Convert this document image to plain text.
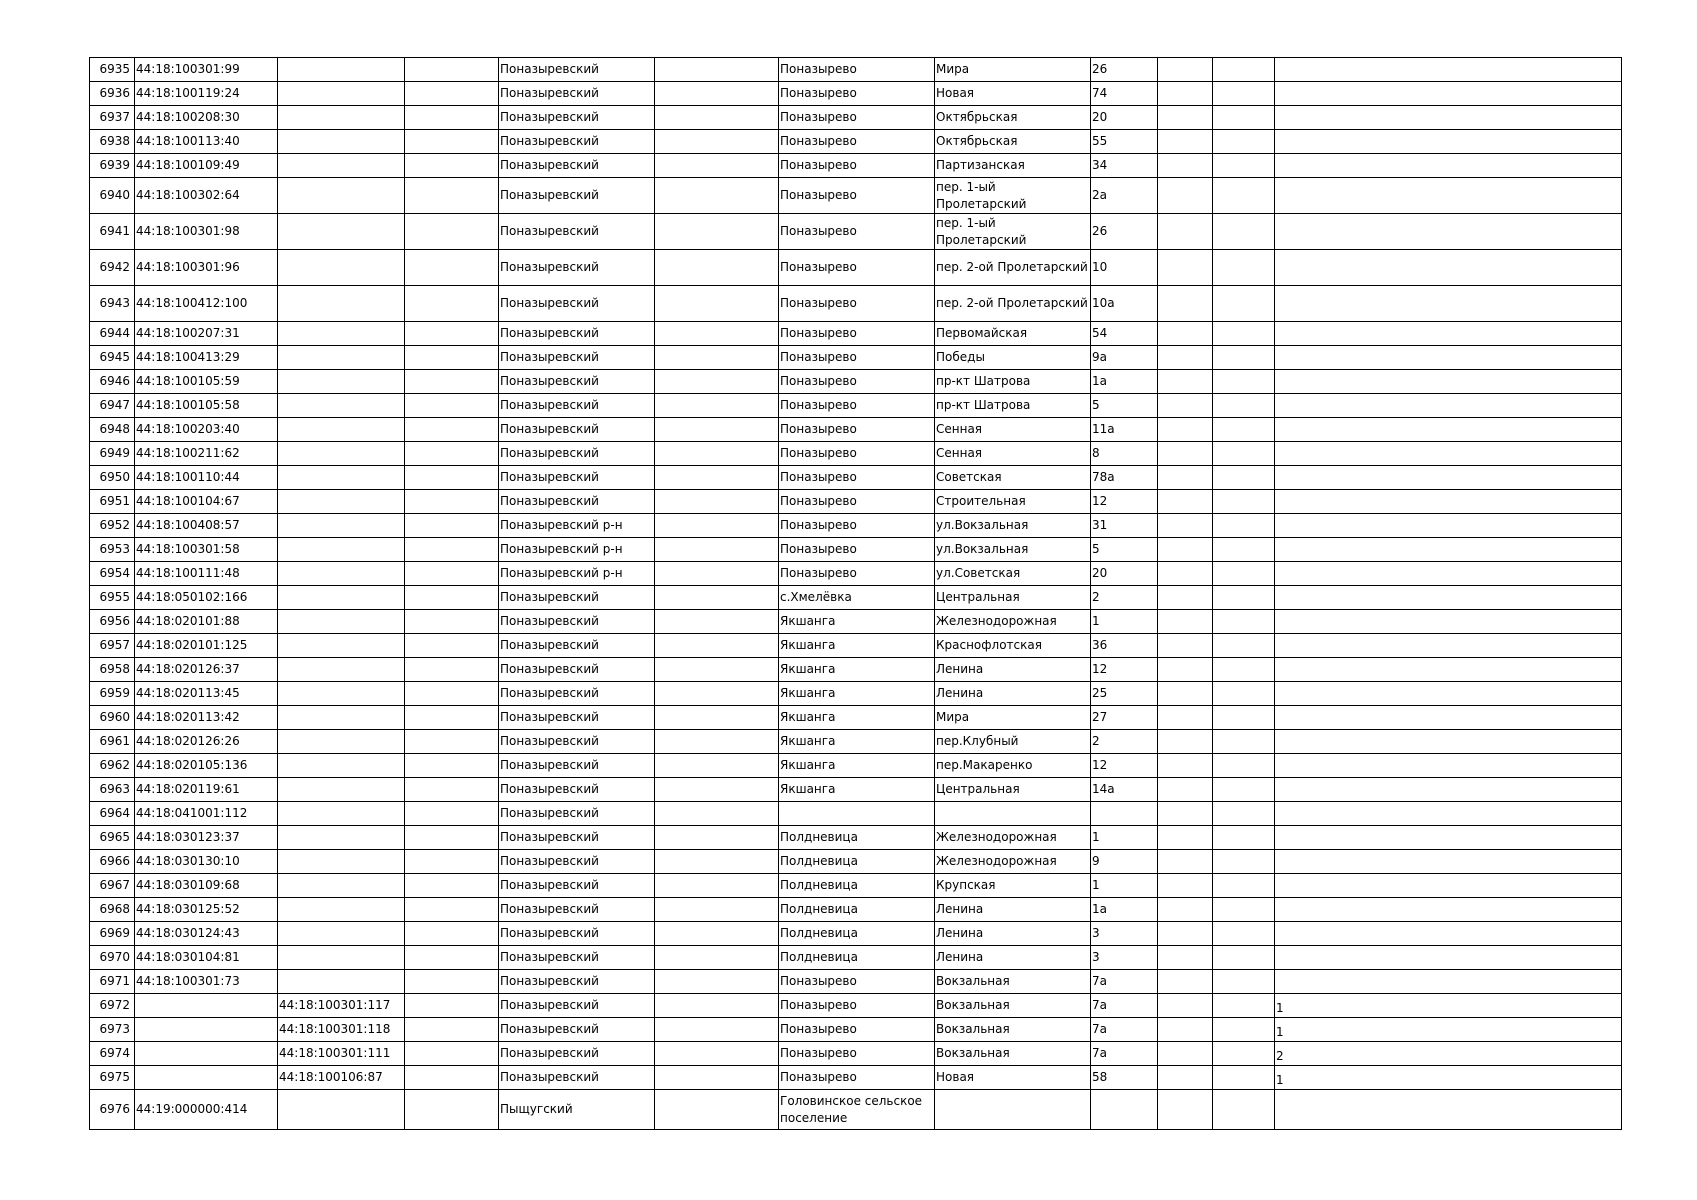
6935	44:18:100301:99			Поназыревский		Поназырево	Мира	26			
6936	44:18:100119:24			Поназыревский		Поназырево	Новая	74			
6937	44:18:100208:30			Поназыревский		Поназырево	Октябрьская	20			
6938	44:18:100113:40			Поназыревский		Поназырево	Октябрьская	55			
6939	44:18:100109:49			Поназыревский		Поназырево	Партизанская	34			
6940	44:18:100302:64			Поназыревский		Поназырево	пер. 1-ый Пролетарский	2а			
6941	44:18:100301:98			Поназыревский		Поназырево	пер. 1-ый Пролетарский	26			
6942	44:18:100301:96			Поназыревский		Поназырево	пер. 2-ой Пролетарский	10			
6943	44:18:100412:100			Поназыревский		Поназырево	пер. 2-ой Пролетарский	10а			
6944	44:18:100207:31			Поназыревский		Поназырево	Первомайская	54			
6945	44:18:100413:29			Поназыревский		Поназырево	Победы	9а			
6946	44:18:100105:59			Поназыревский		Поназырево	пр-кт Шатрова	1а			
6947	44:18:100105:58			Поназыревский		Поназырево	пр-кт Шатрова	5			
6948	44:18:100203:40			Поназыревский		Поназырево	Сенная	11а			
6949	44:18:100211:62			Поназыревский		Поназырево	Сенная	8			
6950	44:18:100110:44			Поназыревский		Поназырево	Советская	78а			
6951	44:18:100104:67			Поназыревский		Поназырево	Строительная	12			
6952	44:18:100408:57			Поназыревский р-н		Поназырево	ул.Вокзальная	31			
6953	44:18:100301:58			Поназыревский р-н		Поназырево	ул.Вокзальная	5			
6954	44:18:100111:48			Поназыревский р-н		Поназырево	ул.Советская	20			
6955	44:18:050102:166			Поназыревский		с.Хмелёвка	Центральная	2			
6956	44:18:020101:88			Поназыревский		Якшанга	Железнодорожная	1			
6957	44:18:020101:125			Поназыревский		Якшанга	Краснофлотская	36			
6958	44:18:020126:37			Поназыревский		Якшанга	Ленина	12			
6959	44:18:020113:45			Поназыревский		Якшанга	Ленина	25			
6960	44:18:020113:42			Поназыревский		Якшанга	Мира	27			
6961	44:18:020126:26			Поназыревский		Якшанга	пер.Клубный	2			
6962	44:18:020105:136			Поназыревский		Якшанга	пер.Макаренко	12			
6963	44:18:020119:61			Поназыревский		Якшанга	Центральная	14а			
6964	44:18:041001:112			Поназыревский							
6965	44:18:030123:37			Поназыревский		Полдневица	Железнодорожная	1			
6966	44:18:030130:10			Поназыревский		Полдневица	Железнодорожная	9			
6967	44:18:030109:68			Поназыревский		Полдневица	Крупская	1			
6968	44:18:030125:52			Поназыревский		Полдневица	Ленина	1а			
6969	44:18:030124:43			Поназыревский		Полдневица	Ленина	3			
6970	44:18:030104:81			Поназыревский		Полдневица	Ленина	3			
6971	44:18:100301:73			Поназыревский		Поназырево	Вокзальная	7а			
6972		44:18:100301:117		Поназыревский		Поназырево	Вокзальная	7а			1
6973		44:18:100301:118		Поназыревский		Поназырево	Вокзальная	7а			1
6974		44:18:100301:111		Поназыревский		Поназырево	Вокзальная	7а			2
6975		44:18:100106:87		Поназыревский		Поназырево	Новая	58			1
6976	44:19:000000:414			Пыщугский		Головинское сельское поселение					
